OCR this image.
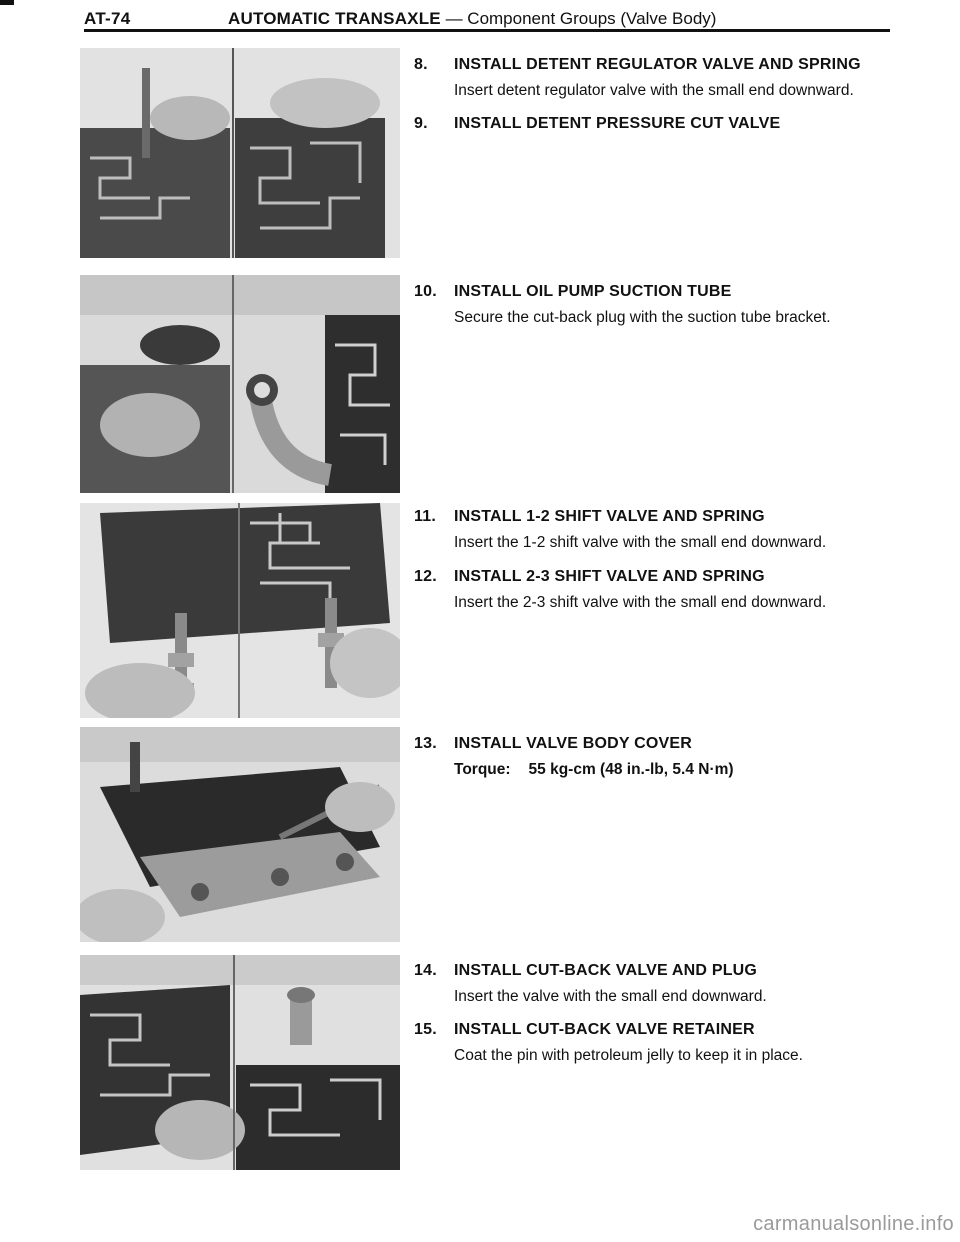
AT-74	AUTOMATIC TRANSAXLE — Component Groups (Valve Body)
8.	INSTALL DETENT REGULATOR VALVE AND SPRING
Insert detent regulator valve with the small end downward.
9.	INSTALL DETENT PRESSURE CUT VALVE
10.	INSTALL OIL PUMP SUCTION TUBE
Secure the cut-back plug with the suction tube bracket.
11.	INSTALL 1-2 SHIFT VALVE AND SPRING
Insert the 1-2 shift valve with the small end downward.
12.	INSTALL 2-3 SHIFT VALVE AND SPRING
Insert the 2-3 shift valve with the small end downward.
13.	INSTALL VALVE BODY COVER
Torque: 55 kg-cm (48 in.-lb, 5.4 N·m)
14.	INSTALL CUT-BACK VALVE AND PLUG
Insert the valve with the small end downward.
15.	INSTALL CUT-BACK VALVE RETAINER
Coat the pin with petroleum jelly to keep it in place.
carmanualsonline.info
